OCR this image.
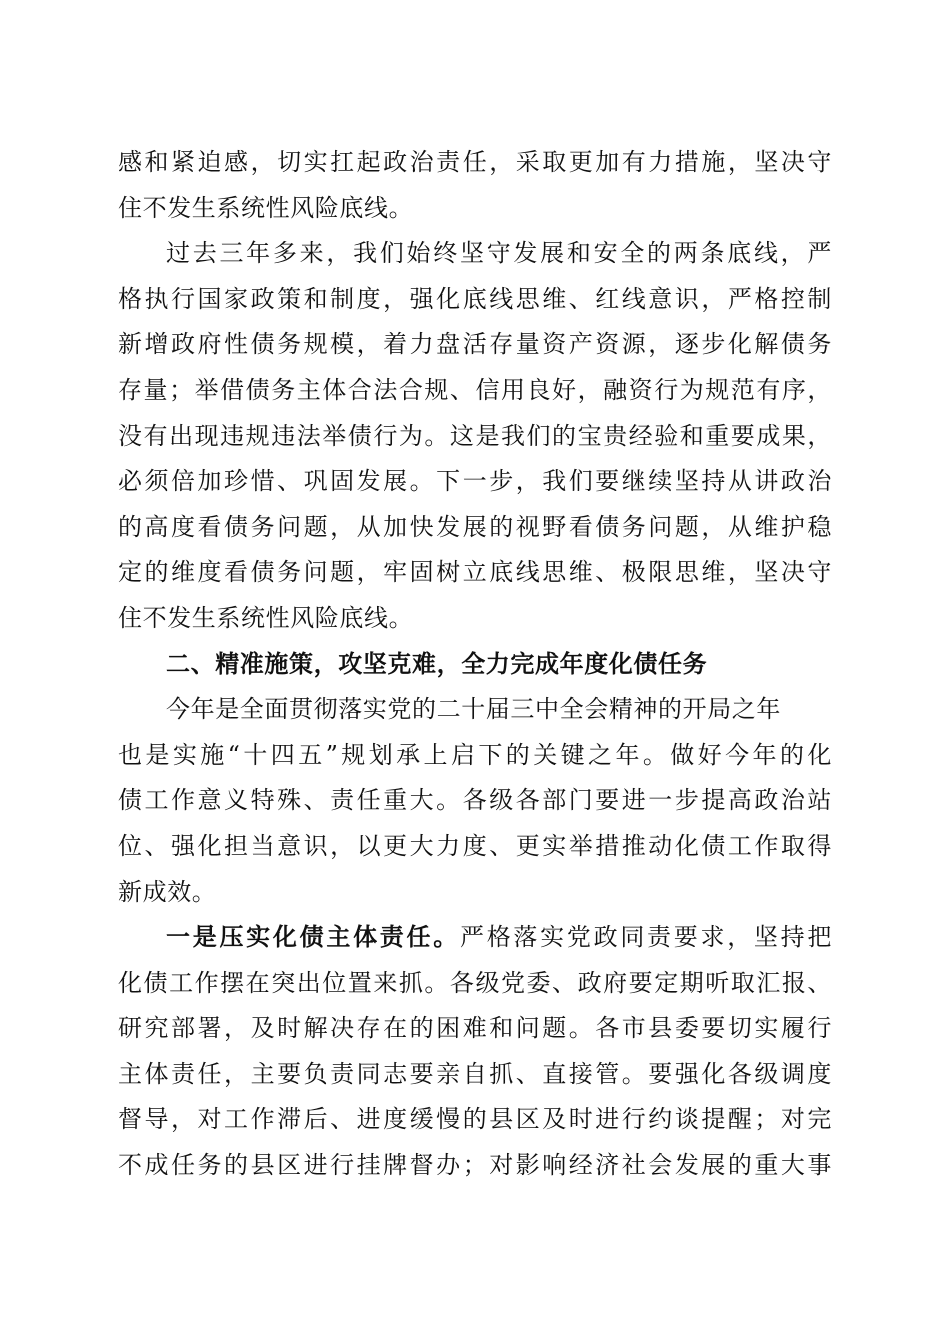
感和紧迫感，切实扛起政治责任，采取更加有力措施，坚决守
住不发生系统性风险底线。
过去三年多来，我们始终坚守发展和安全的两条底线，严
格执行国家政策和制度，强化底线思维、红线意识，严格控制
新增政府性债务规模，着力盘活存量资产资源，逐步化解债务
存量；举借债务主体合法合规、信用良好，融资行为规范有序，
没有出现违规违法举债行为。这是我们的宝贵经验和重要成果，
必须倍加珍惜、巩固发展。下一步，我们要继续坚持从讲政治
的高度看债务问题，从加快发展的视野看债务问题，从维护稳
定的维度看债务问题，牢固树立底线思维、极限思维，坚决守
住不发生系统性风险底线。
二、精准施策，攻坚克难，全力完成年度化债任务
今年是全面贯彻落实党的二十届三中全会精神的开局之年
也是实施“十四五”规划承上启下的关键之年。做好今年的化
债工作意义特殊、责任重大。各级各部门要进一步提高政治站
位、强化担当意识，以更大力度、更实举措推动化债工作取得
新成效。
一是压实化债主体责任。严格落实党政同责要求，坚持把
化债工作摆在突出位置来抓。各级党委、政府要定期听取汇报、
研究部署，及时解决存在的困难和问题。各市县委要切实履行
主体责任，主要负责同志要亲自抓、直接管。要强化各级调度
督导，对工作滞后、进度缓慢的县区及时进行约谈提醒；对完
不成任务的县区进行挂牌督办；对影响经济社会发展的重大事
